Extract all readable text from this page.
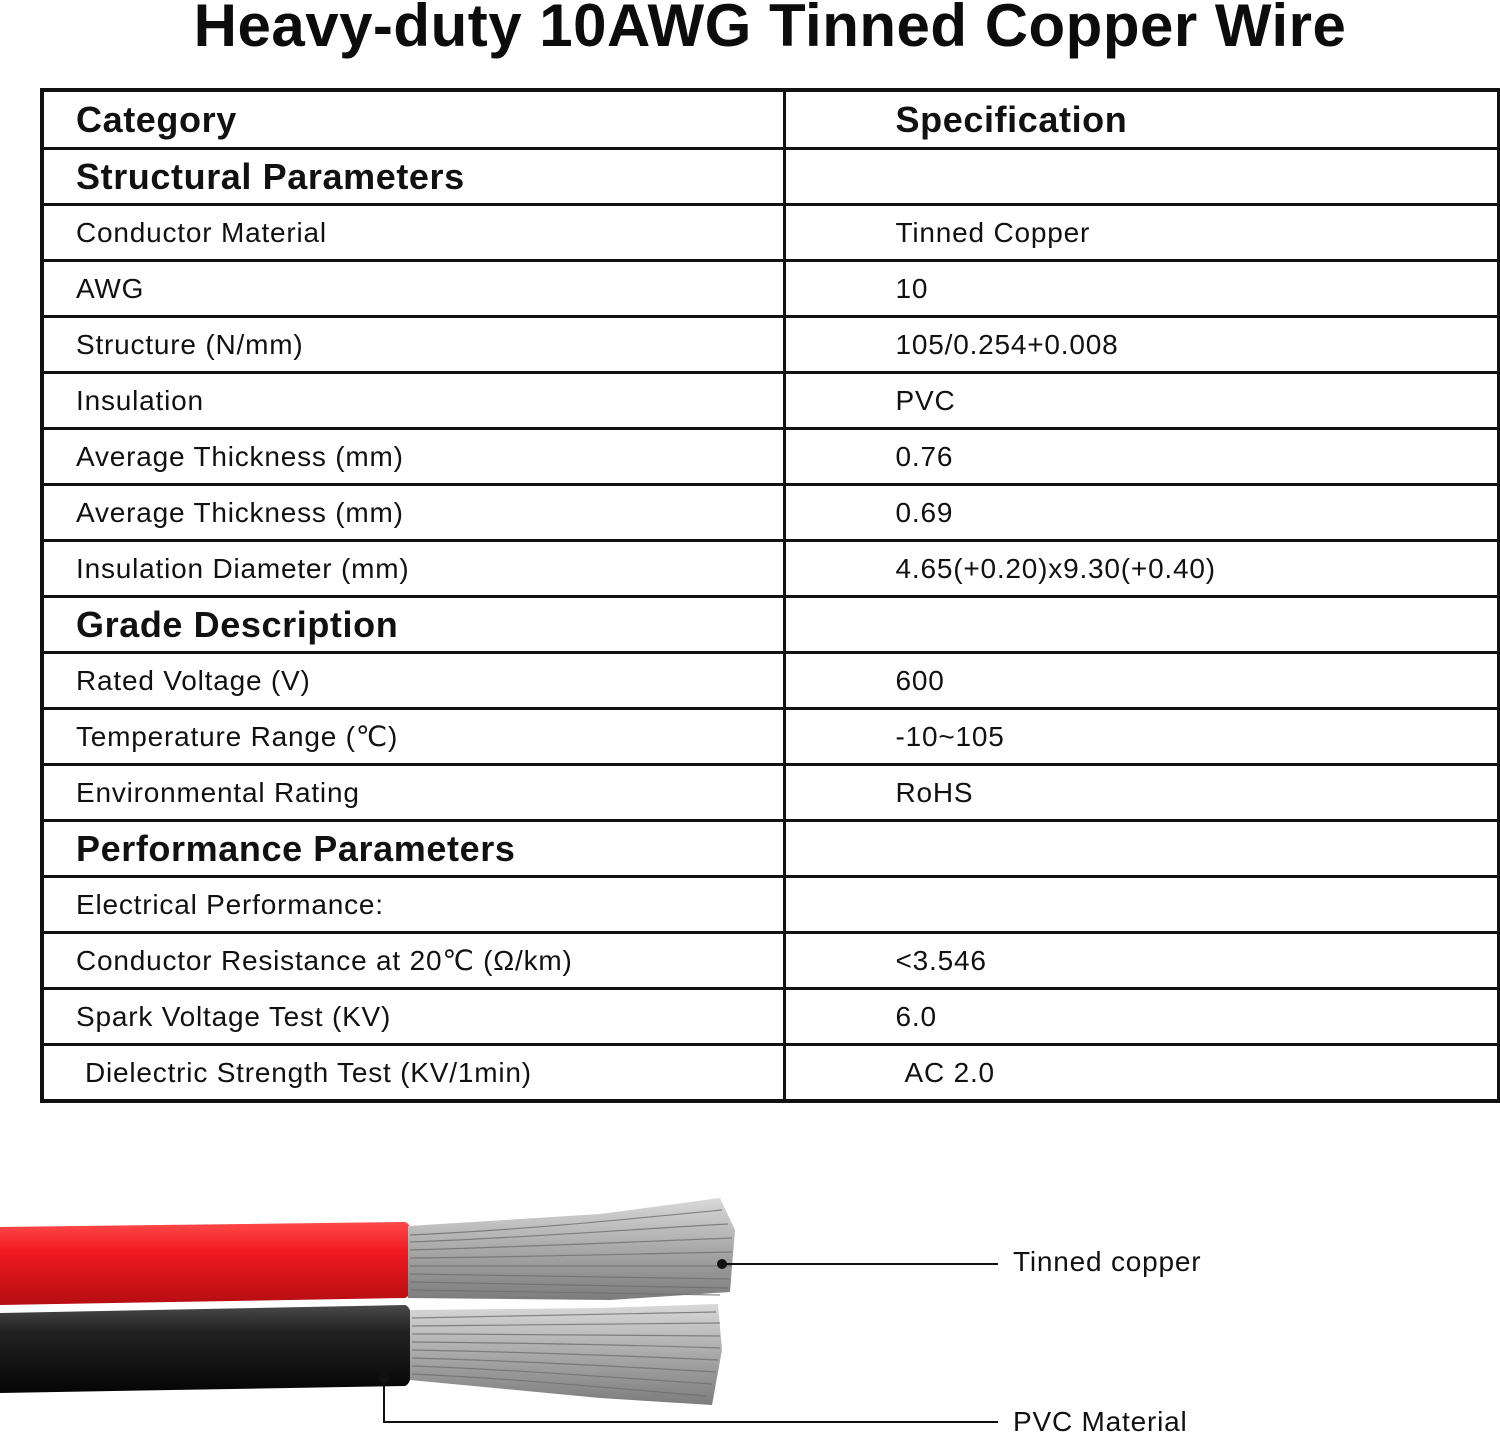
Heavy-duty 10AWG Tinned Copper Wire
Category	Specification
Structural Parameters	
Conductor Material	Tinned Copper
AWG	10
Structure (N/mm)	105/0.254+0.008
Insulation	PVC
Average Thickness (mm)	0.76
Average Thickness (mm)	0.69
Insulation Diameter (mm)	4.65(+0.20)x9.30(+0.40)
Grade Description	
Rated Voltage (V)	600
Temperature Range (℃)	-10~105
Environmental Rating	RoHS
Performance Parameters	
Electrical Performance:	
Conductor Resistance at 20℃ (Ω/km)	<3.546
Spark Voltage Test (KV)	6.0
Dielectric Strength Test (KV/1min)	AC 2.0
Tinned copper
PVC Material
